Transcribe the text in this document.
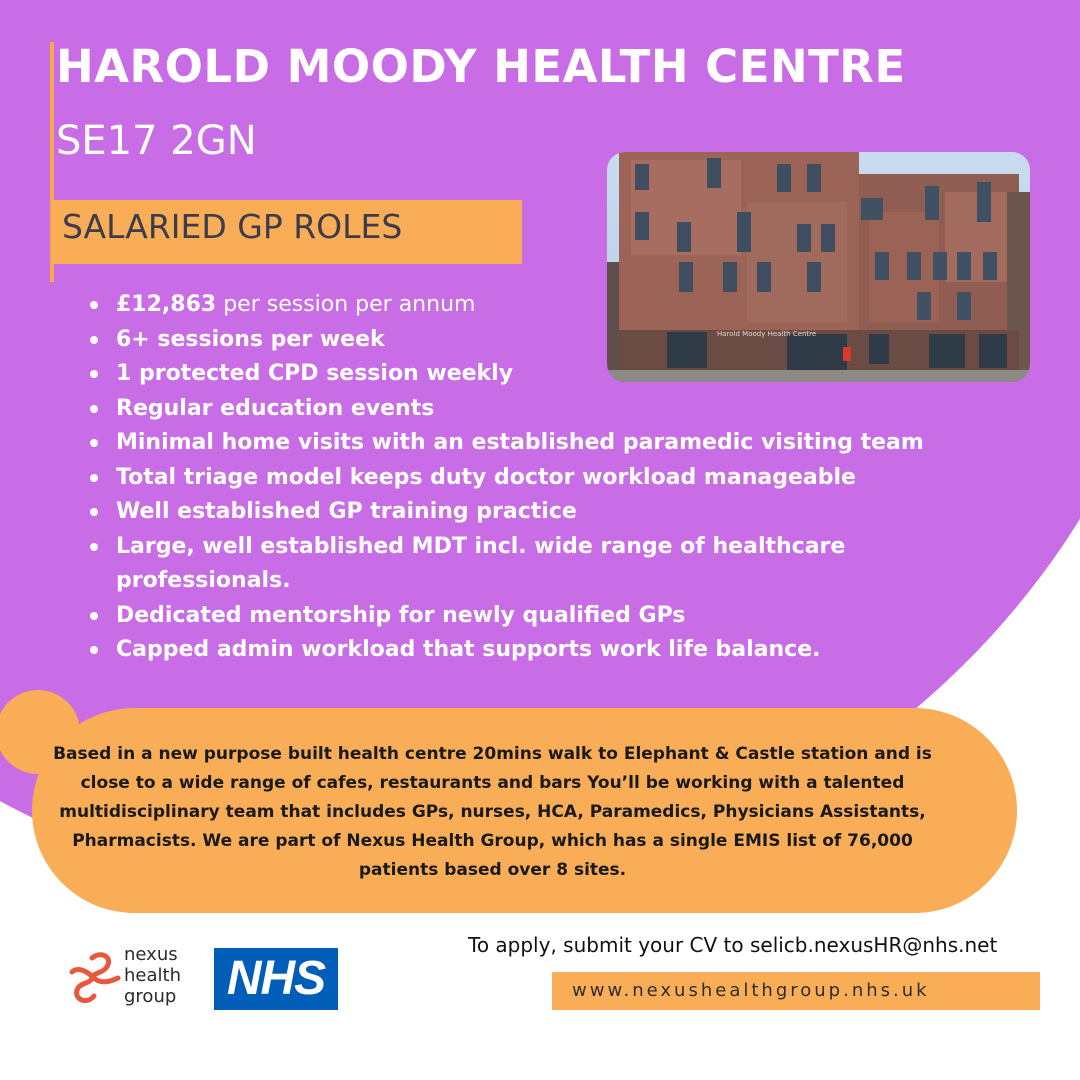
HAROLD MOODY HEALTH CENTRE
SE17 2GN
SALARIED GP ROLES
Harold Moody Health Centre
£12,863 per session per annum
6+ sessions per week
1 protected CPD session weekly
Regular education events
Minimal home visits with an established paramedic visiting team
Total triage model keeps duty doctor workload manageable
Well established GP training practice
Large, well established MDT incl. wide range of healthcare professionals.
Dedicated mentorship for newly qualified GPs
Capped admin workload that supports work life balance.
Based in a new purpose built health centre 20mins walk to Elephant & Castle station and is close to a wide range of cafes, restaurants and bars You’ll be working with a talented multidisciplinary team that includes GPs, nurses, HCA, Paramedics, Physicians Assistants, Pharmacists. We are part of Nexus Health Group, which has a single EMIS list of 76,000 patients based over 8 sites.
nexus
health
group NHS
To apply, submit your CV to selicb.nexusHR@nhs.net
www.nexushealthgroup.nhs.uk
